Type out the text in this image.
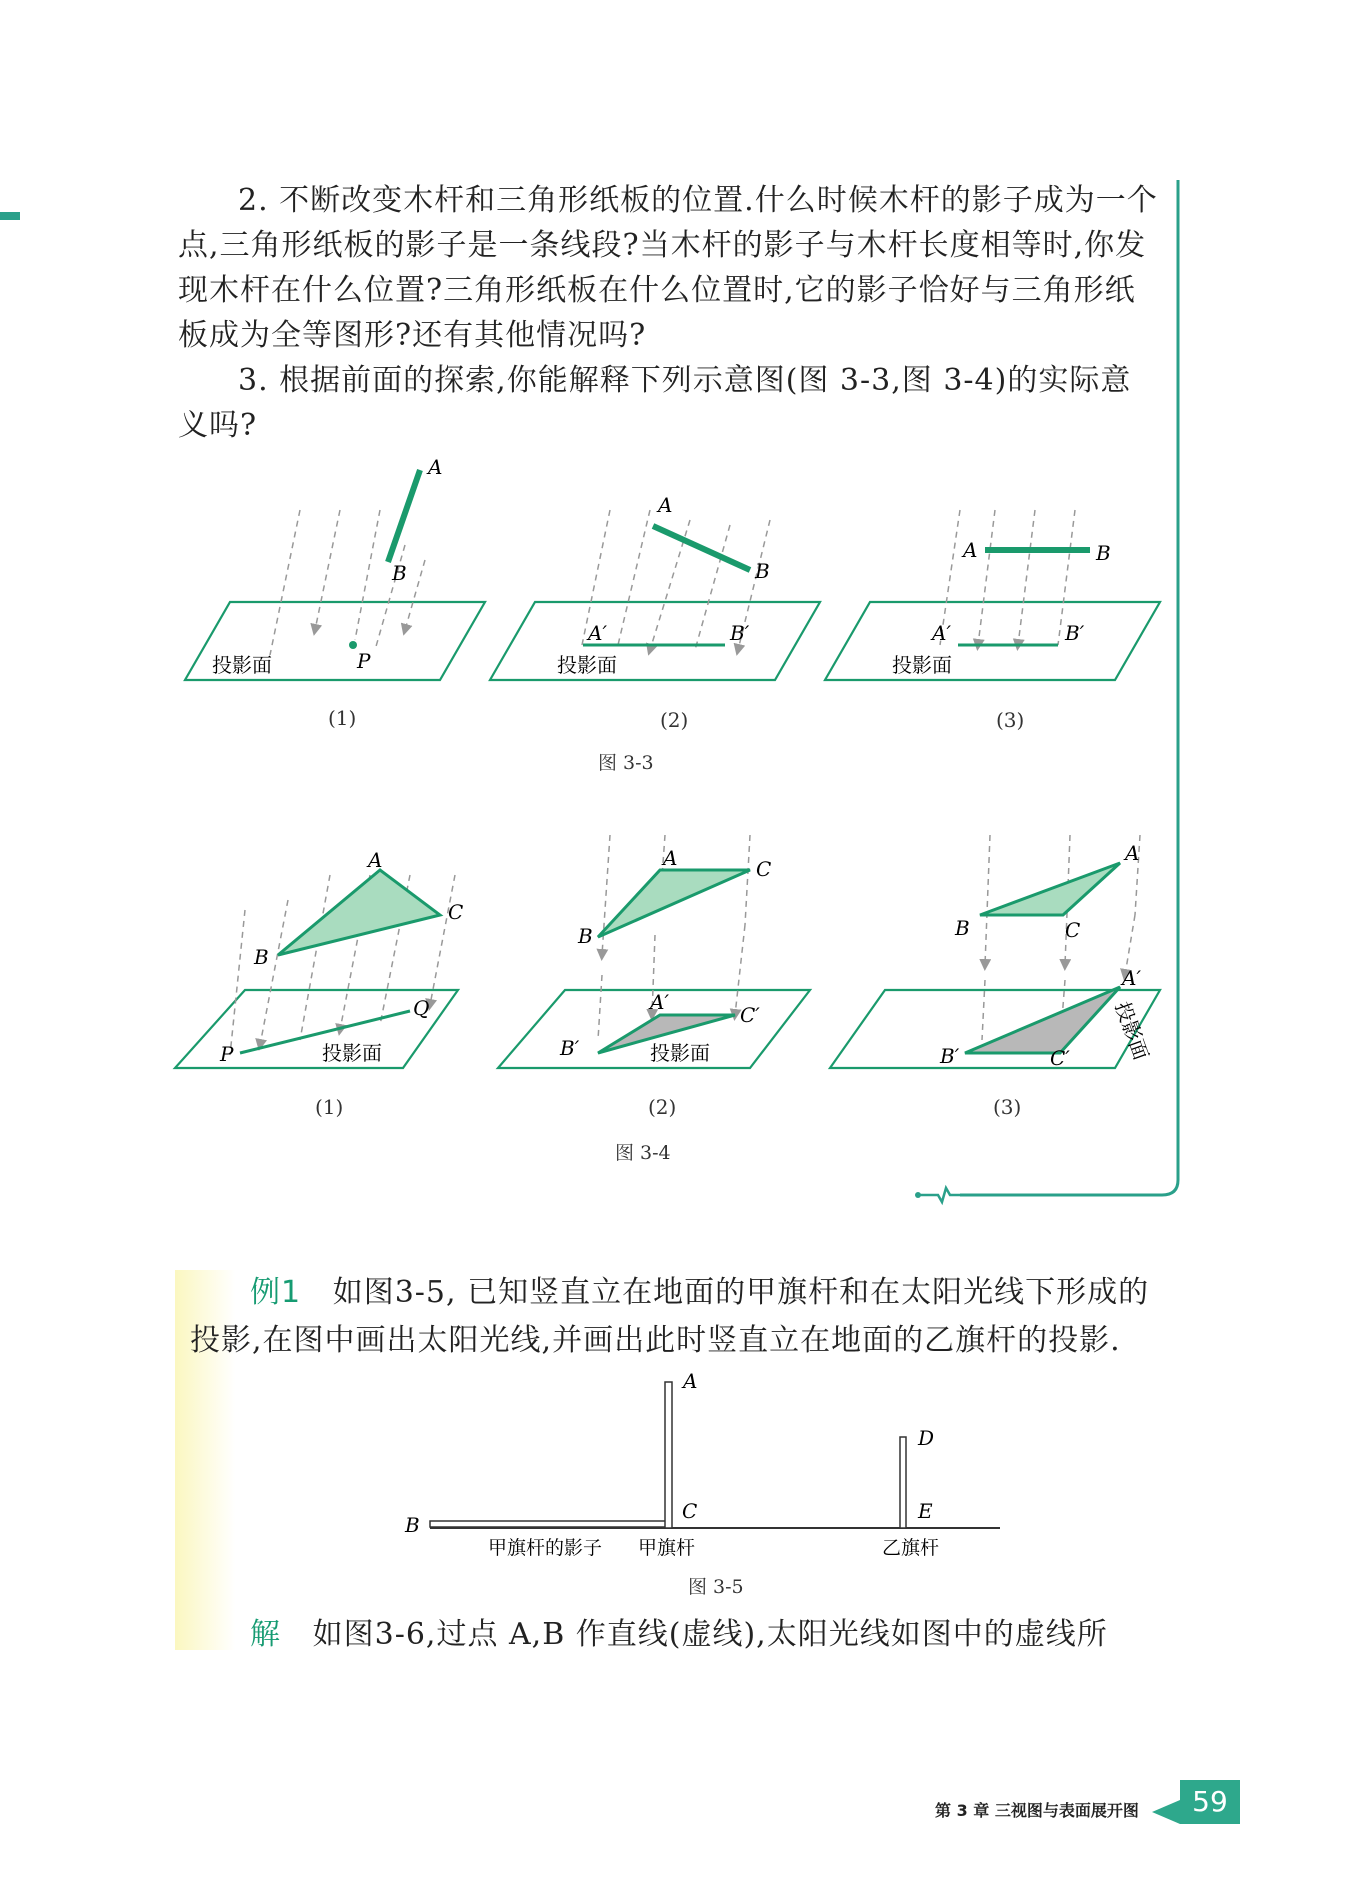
2. 不断改变木杆和三角形纸板的位置.什么时候木杆的影子成为一个点,三角形纸板的影子是一条线段?当木杆的影子与木杆长度相等时,你发现木杆在什么位置?三角形纸板在什么位置时,它的影子恰好与三角形纸板成为全等图形?还有其他情况吗?

3. 根据前面的探索,你能解释下列示意图(图 3-3,图 3-4)的实际意义吗?

A
B
P
投影面
A
B
A′	B′
投影面
A	B
A′	B′
投影面
(1)	(2)	(3)
图 3-3
A
C
B
P
Q
投影面
A	C
B
A′
C′
B′	投影面
A
C
B
A′
C′
B′	投影面
(1)	(2)	(3)
图 3-4
例1 如图3-5, 已知竖直立在地面的甲旗杆和在太阳光线下形成的
投影,在图中画出太阳光线,并画出此时竖直立在地面的乙旗杆的投影.
A
B
C
D
E
甲旗杆的影子 甲旗杆	乙旗杆
图 3-5
解 如图3-6,过点 A,B 作直线(虚线),太阳光线如图中的虚线所
第 3 章 三视图与表面展开图	59
